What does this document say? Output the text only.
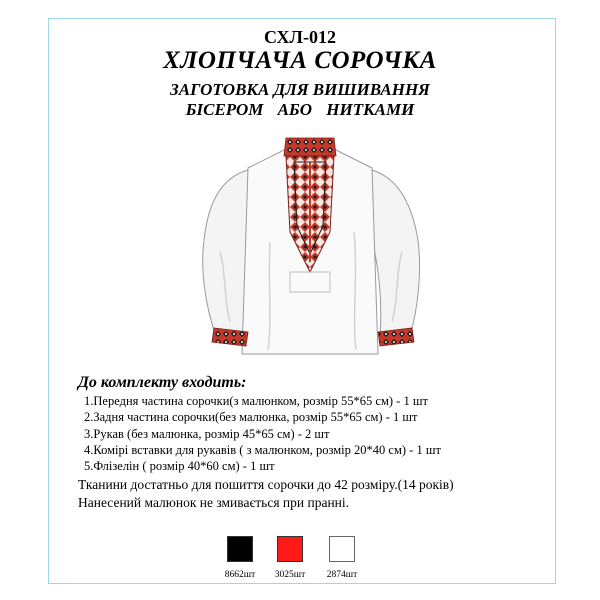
СХЛ-012
ХЛОПЧАЧА СОРОЧКА
ЗАГОТОВКА ДЛЯ ВИШИВАННЯ
БІСЕРОМ АБО НИТКАМИ
До комплекту входить:
1.Передня частина сорочки(з малюнком, розмір 55*65 см) - 1 шт
2.Задня частина сорочки(без малюнка, розмір 55*65 см) - 1 шт
3.Рукав (без малюнка, розмір 45*65 см) - 2 шт
4.Комірі вставки для рукавів ( з малюнком, розмір 20*40 см) - 1 шт
5.Флізелін ( розмір 40*60 см) - 1 шт
Тканини достатньо для пошиття сорочки до 42 розміру.(14 років)
Нанесений малюнок не змивається при пранні.
8662шт	3025шт	2874шт
